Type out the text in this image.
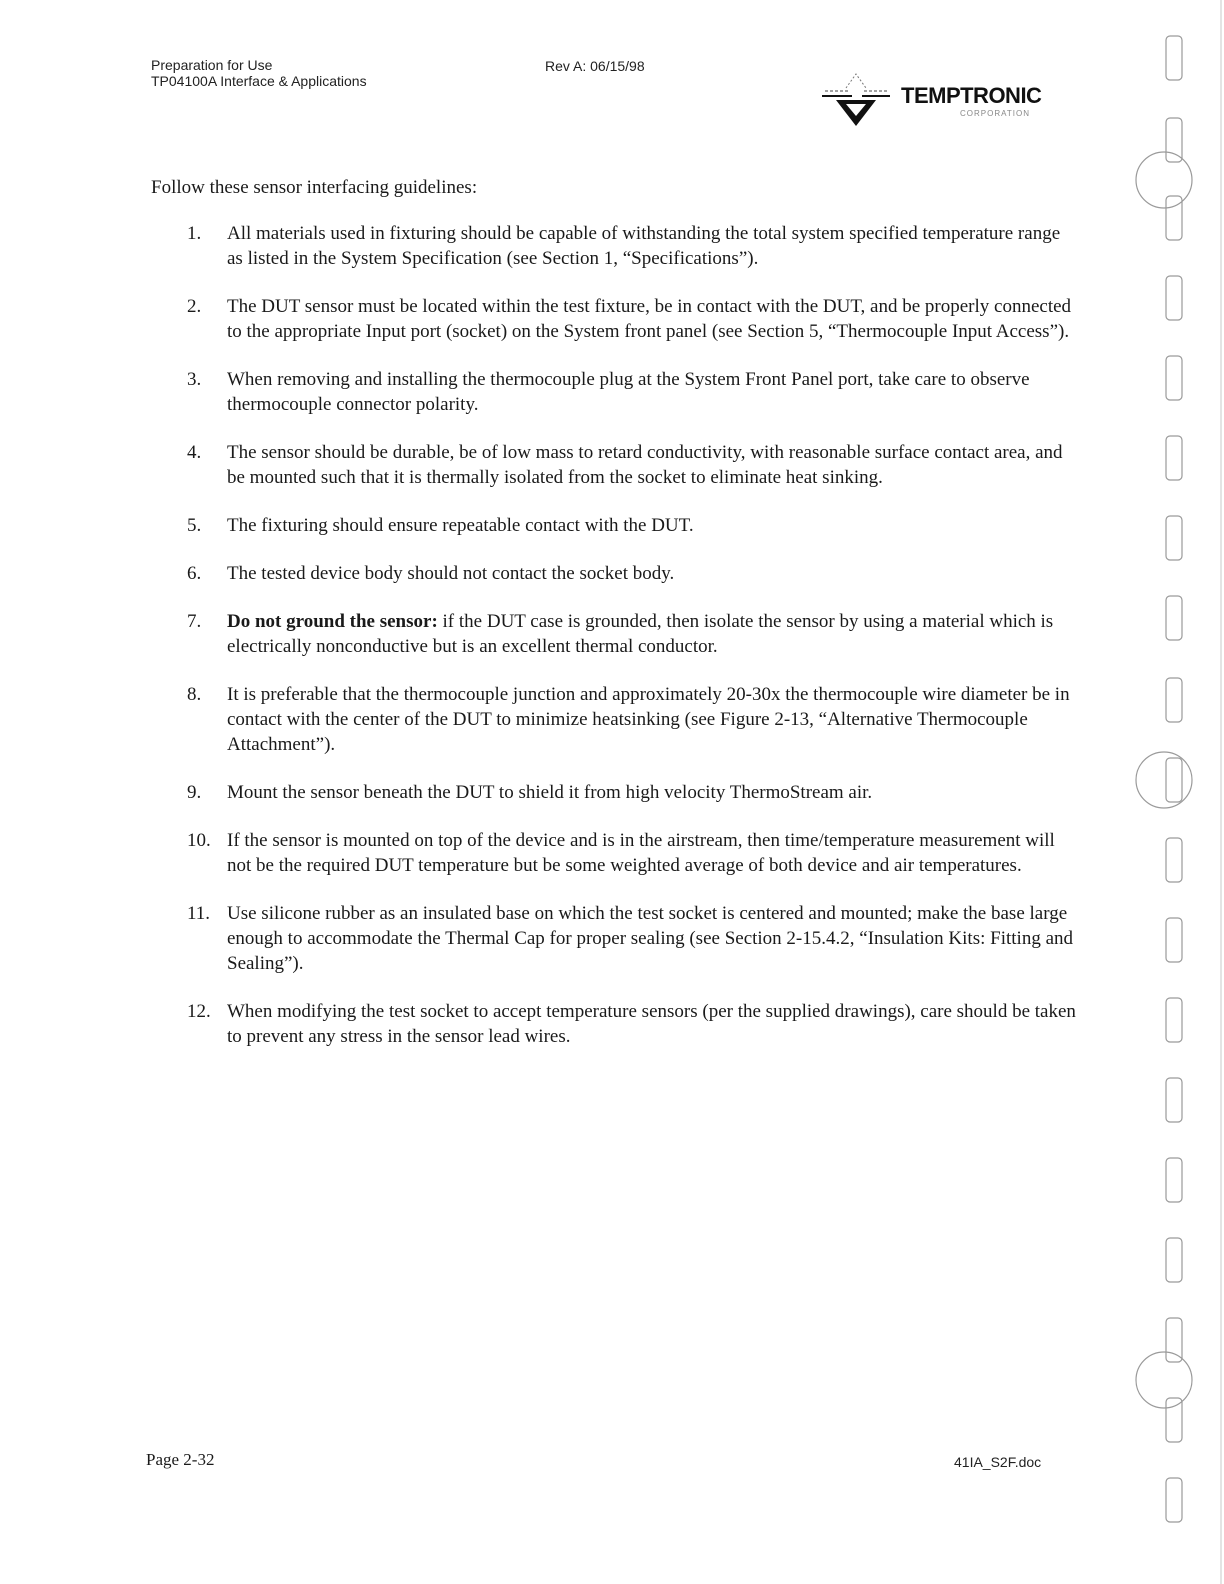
Preparation for Use
TP04100A Interface & Applications
Rev A: 06/15/98
TEMPTRONIC
CORPORATION
Follow these sensor interfacing guidelines:
1.	All materials used in fixturing should be capable of withstanding the total system specified temperature range as listed in the System Specification (see Section 1, “Specifications”).
2.	The DUT sensor must be located within the test fixture, be in contact with the DUT, and be properly connected to the appropriate Input port (socket) on the System front panel (see Section 5, “Thermocouple Input Access”).
3.	When removing and installing the thermocouple plug at the System Front Panel port, take care to observe thermocouple connector polarity.
4.	The sensor should be durable, be of low mass to retard conductivity, with reasonable surface contact area, and be mounted such that it is thermally isolated from the socket to eliminate heat sinking.
5.	The fixturing should ensure repeatable contact with the DUT.
6.	The tested device body should not contact the socket body.
7.	Do not ground the sensor: if the DUT case is grounded, then isolate the sensor by using a material which is electrically nonconductive but is an excellent thermal conductor.
8.	It is preferable that the thermocouple junction and approximately 20-30x the thermocouple wire diameter be in contact with the center of the DUT to minimize heatsinking (see Figure 2-13, “Alternative Thermocouple Attachment”).
9.	Mount the sensor beneath the DUT to shield it from high velocity ThermoStream air.
10. If the sensor is mounted on top of the device and is in the airstream, then time/temperature measurement will not be the required DUT temperature but be some weighted average of both device and air temperatures.
11. Use silicone rubber as an insulated base on which the test socket is centered and mounted; make the base large enough to accommodate the Thermal Cap for proper sealing (see Section 2-15.4.2, “Insulation Kits: Fitting and Sealing”).
12. When modifying the test socket to accept temperature sensors (per the supplied drawings), care should be taken to prevent any stress in the sensor lead wires.
Page 2-32	41IA_S2F.doc
